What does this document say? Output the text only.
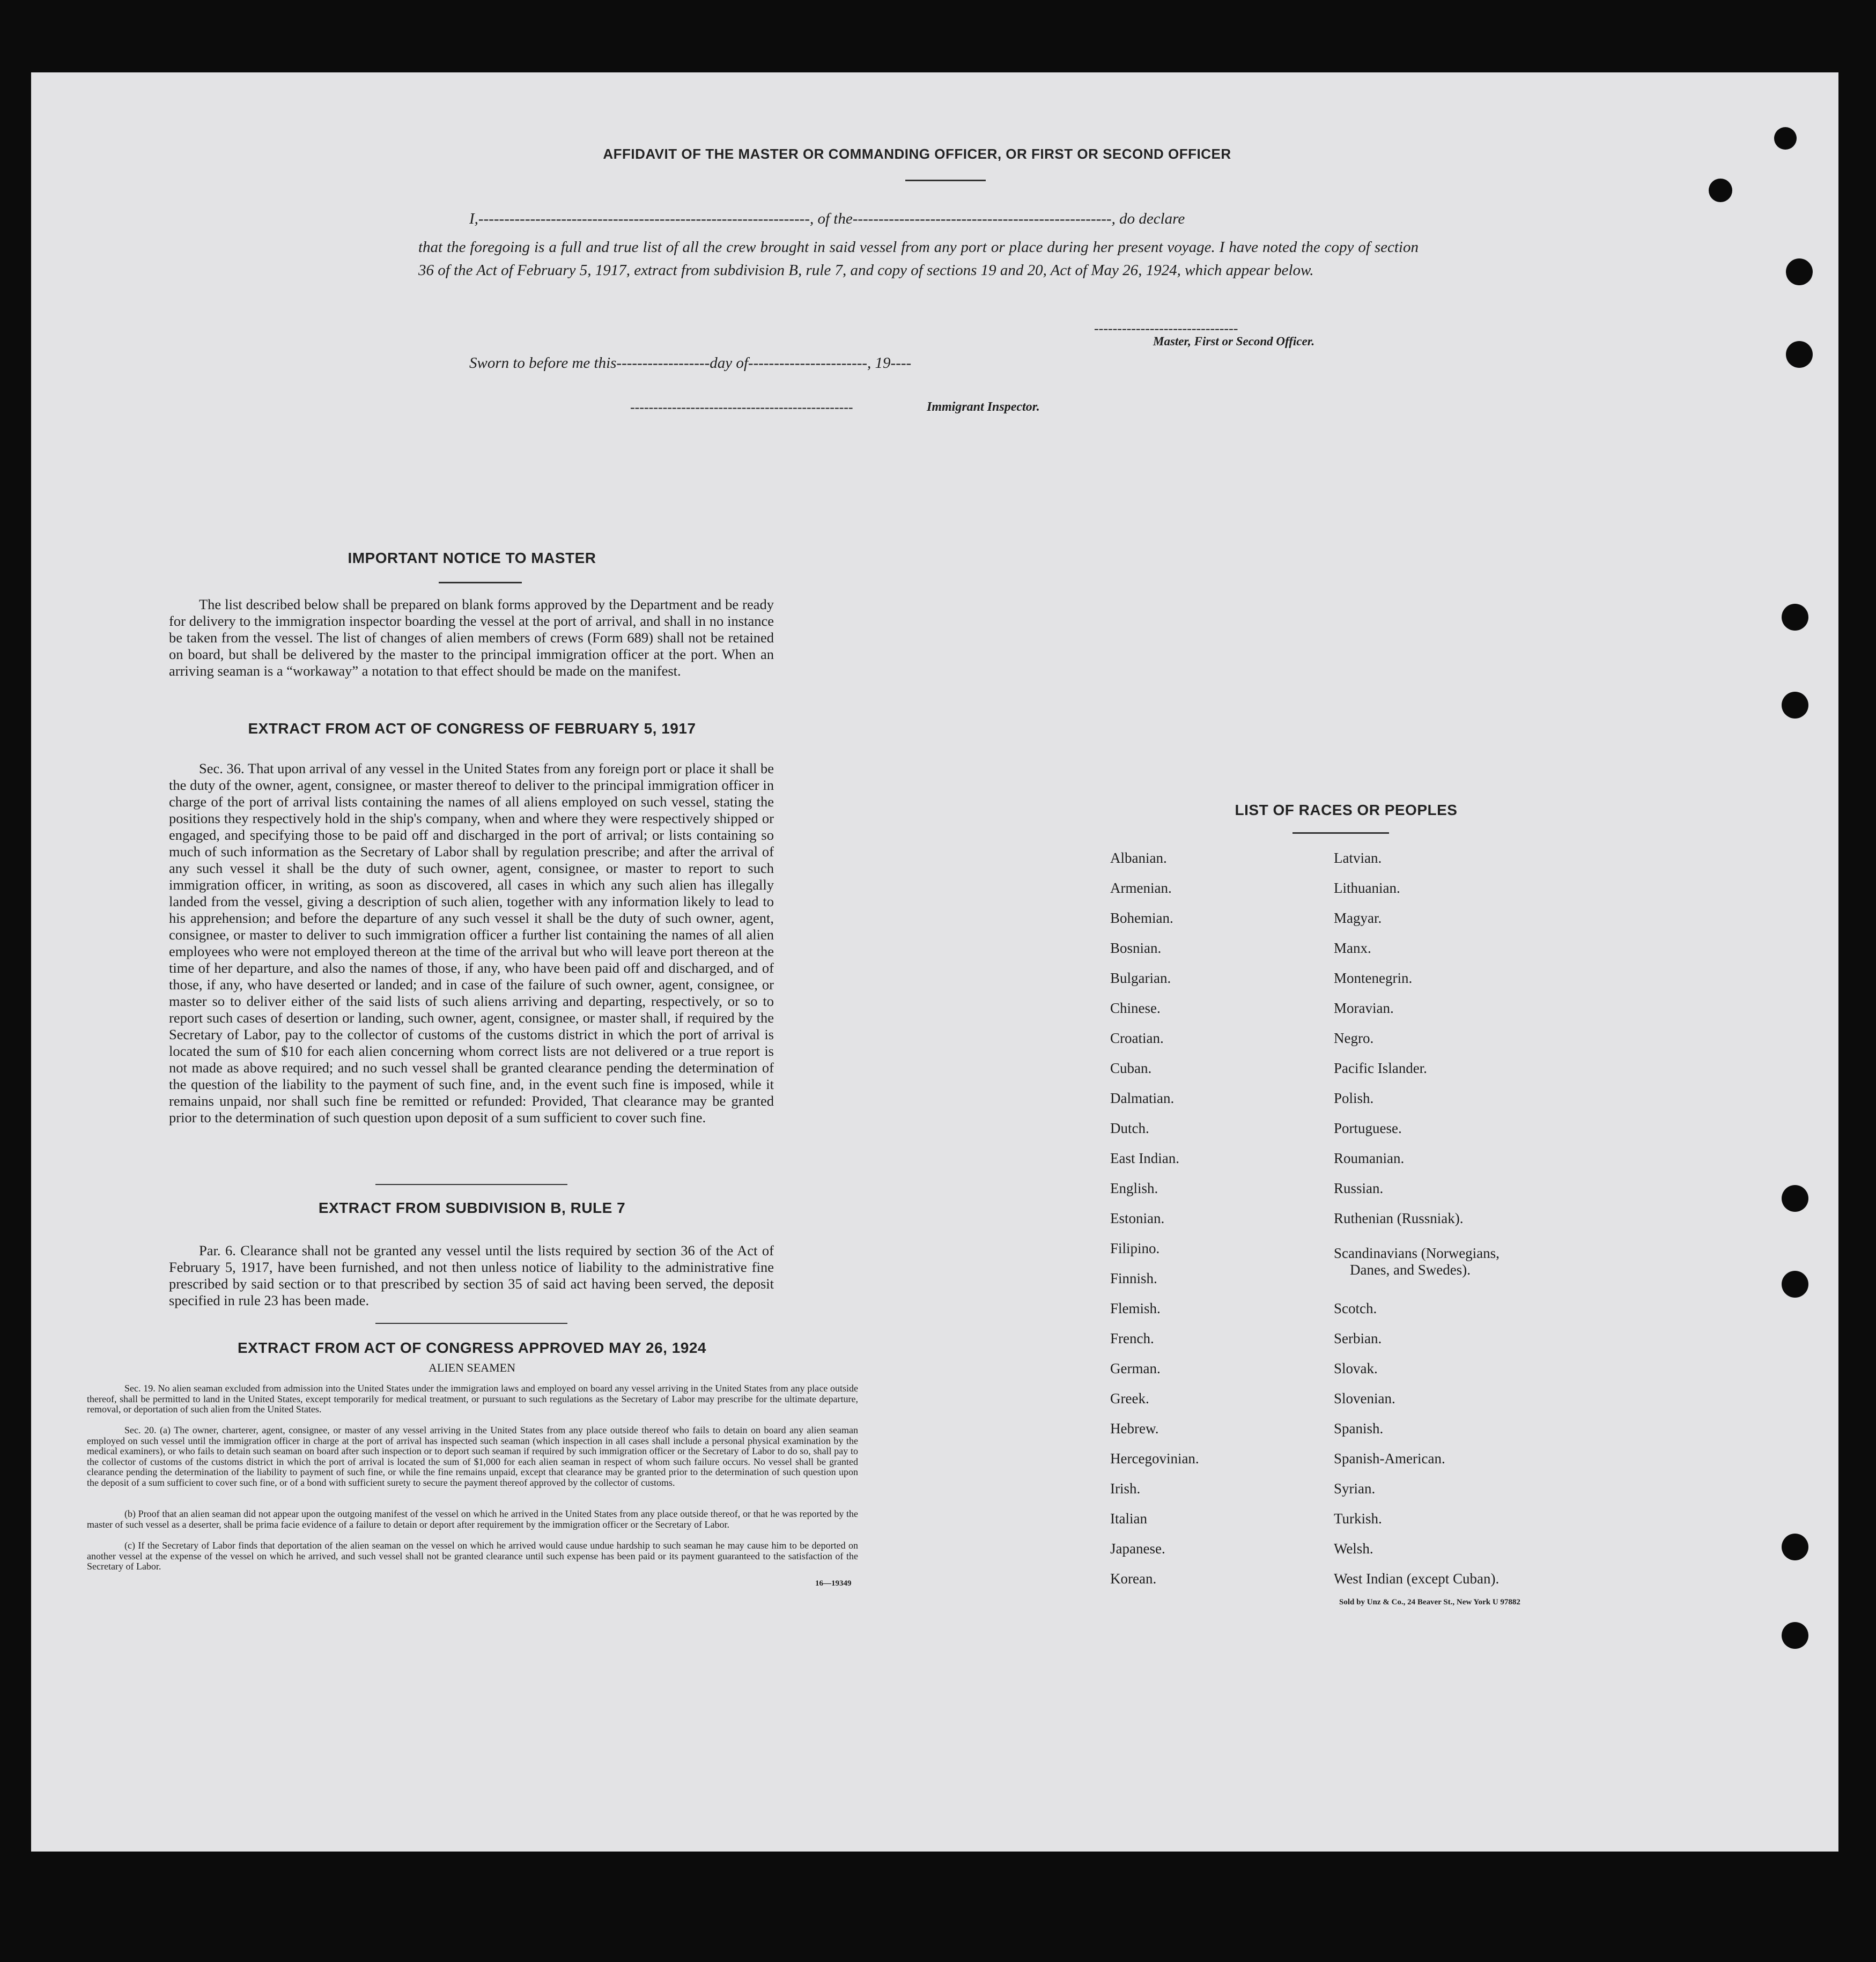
AFFIDAVIT OF THE MASTER OR COMMANDING OFFICER, OR FIRST OR SECOND OFFICER
I,----------------------------------------------------------------, of the--------------------------------------------------, do declare
that the foregoing is a full and true list of all the crew brought in said vessel from any port or place during her present voyage. I have noted the copy of section 36 of the Act of February 5, 1917, extract from subdivision B, rule 7, and copy of sections 19 and 20, Act of May 26, 1924, which appear below.
-------------------------------
Master, First or Second Officer.
Sworn to before me this------------------day of-----------------------, 19----
------------------------------------------------	Immigrant Inspector.
IMPORTANT NOTICE TO MASTER
The list described below shall be prepared on blank forms approved by the Department and be ready for delivery to the immigration inspector boarding the vessel at the port of arrival, and shall in no instance be taken from the vessel. The list of changes of alien members of crews (Form 689) shall not be retained on board, but shall be delivered by the master to the principal immigration officer at the port. When an arriving seaman is a “workaway” a notation to that effect should be made on the manifest.
EXTRACT FROM ACT OF CONGRESS OF FEBRUARY 5, 1917
Sec. 36. That upon arrival of any vessel in the United States from any foreign port or place it shall be the duty of the owner, agent, consignee, or master thereof to deliver to the principal immigration officer in charge of the port of arrival lists containing the names of all aliens employed on such vessel, stating the positions they respectively hold in the ship's company, when and where they were respectively shipped or engaged, and specifying those to be paid off and discharged in the port of arrival; or lists containing so much of such information as the Secretary of Labor shall by regulation prescribe; and after the arrival of any such vessel it shall be the duty of such owner, agent, consignee, or master to report to such immigration officer, in writing, as soon as discovered, all cases in which any such alien has illegally landed from the vessel, giving a description of such alien, together with any information likely to lead to his apprehension; and before the departure of any such vessel it shall be the duty of such owner, agent, consignee, or master to deliver to such immigration officer a further list containing the names of all alien employees who were not employed thereon at the time of the arrival but who will leave port thereon at the time of her departure, and also the names of those, if any, who have been paid off and discharged, and of those, if any, who have deserted or landed; and in case of the failure of such owner, agent, consignee, or master so to deliver either of the said lists of such aliens arriving and departing, respectively, or so to report such cases of desertion or landing, such owner, agent, consignee, or master shall, if required by the Secretary of Labor, pay to the collector of customs of the customs district in which the port of arrival is located the sum of $10 for each alien concerning whom correct lists are not delivered or a true report is not made as above required; and no such vessel shall be granted clearance pending the determination of the question of the liability to the payment of such fine, and, in the event such fine is imposed, while it remains unpaid, nor shall such fine be remitted or refunded: Provided, That clearance may be granted prior to the determination of such question upon deposit of a sum sufficient to cover such fine.
EXTRACT FROM SUBDIVISION B, RULE 7
Par. 6. Clearance shall not be granted any vessel until the lists required by section 36 of the Act of February 5, 1917, have been furnished, and not then unless notice of liability to the administrative fine prescribed by said section or to that prescribed by section 35 of said act having been served, the deposit specified in rule 23 has been made.
EXTRACT FROM ACT OF CONGRESS APPROVED MAY 26, 1924
ALIEN SEAMEN
Sec. 19. No alien seaman excluded from admission into the United States under the immigration laws and employed on board any vessel arriving in the United States from any place outside thereof, shall be permitted to land in the United States, except temporarily for medical treatment, or pursuant to such regulations as the Secretary of Labor may prescribe for the ultimate departure, removal, or deportation of such alien from the United States.
Sec. 20. (a) The owner, charterer, agent, consignee, or master of any vessel arriving in the United States from any place outside thereof who fails to detain on board any alien seaman employed on such vessel until the immigration officer in charge at the port of arrival has inspected such seaman (which inspection in all cases shall include a personal physical examination by the medical examiners), or who fails to detain such seaman on board after such inspection or to deport such seaman if required by such immigration officer or the Secretary of Labor to do so, shall pay to the collector of customs of the customs district in which the port of arrival is located the sum of $1,000 for each alien seaman in respect of whom such failure occurs. No vessel shall be granted clearance pending the determination of the liability to payment of such fine, or while the fine remains unpaid, except that clearance may be granted prior to the determination of such question upon the deposit of a sum sufficient to cover such fine, or of a bond with sufficient surety to secure the payment thereof approved by the collector of customs.
(b) Proof that an alien seaman did not appear upon the outgoing manifest of the vessel on which he arrived in the United States from any place outside thereof, or that he was reported by the master of such vessel as a deserter, shall be prima facie evidence of a failure to detain or deport after requirement by the immigration officer or the Secretary of Labor.
(c) If the Secretary of Labor finds that deportation of the alien seaman on the vessel on which he arrived would cause undue hardship to such seaman he may cause him to be deported on another vessel at the expense of the vessel on which he arrived, and such vessel shall not be granted clearance until such expense has been paid or its payment guaranteed to the satisfaction of the Secretary of Labor.
16—19349
LIST OF RACES OR PEOPLES
Albanian.
Armenian.
Bohemian.
Bosnian.
Bulgarian.
Chinese.
Croatian.
Cuban.
Dalmatian.
Dutch.
East Indian.
English.
Estonian.
Filipino.
Finnish.
Flemish.
French.
German.
Greek.
Hebrew.
Hercegovinian.
Irish.
Italian
Japanese.
Korean.
Latvian.
Lithuanian.
Magyar.
Manx.
Montenegrin.
Moravian.
Negro.
Pacific Islander.
Polish.
Portuguese.
Roumanian.
Russian.
Ruthenian (Russniak).
Scandinavians (Norwegians,
Danes, and Swedes).
Scotch.
Serbian.
Slovak.
Slovenian.
Spanish.
Spanish-American.
Syrian.
Turkish.
Welsh.
West Indian (except Cuban).
Sold by Unz & Co., 24 Beaver St., New York U 97882
